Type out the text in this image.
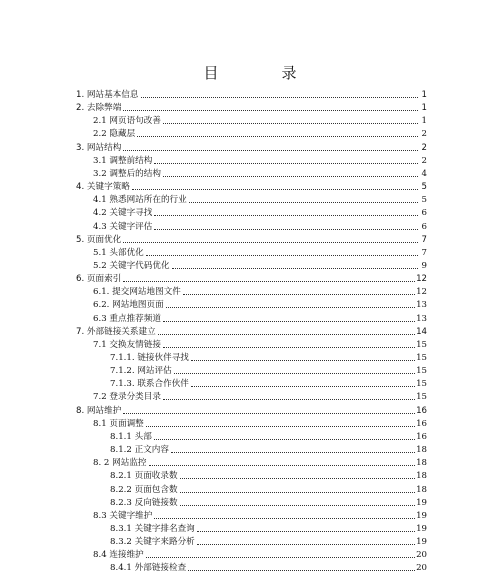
目　录
1. 网站基本信息	1
2. 去除弊端	1
2.1 网页语句改善	1
2.2 隐藏层	2
3. 网站结构	2
3.1 调整前结构	2
3.2 调整后的结构	4
4. 关键字策略	5
4.1 熟悉网站所在的行业	5
4.2 关键字寻找	6
4.3 关键字评估	6
5. 页面优化	7
5.1 头部优化	7
5.2 关键字代码优化	9
6. 页面索引	12
6.1. 提交网站地图文件	12
6.2. 网站地图页面	13
6.3 重点推荐频道	13
7. 外部链接关系建立	14
7.1 交换友情链接	15
7.1.1. 链接伙伴寻找	15
7.1.2. 网站评估	15
7.1.3. 联系合作伙伴	15
7.2 登录分类目录	15
8. 网站维护	16
8.1 页面调整	16
8.1.1 头部	16
8.1.2 正文内容	18
8. 2 网站监控	18
8.2.1 页面收录数	18
8.2.2 页面包含数	18
8.2.3 反向链接数	19
8.3 关键字维护	19
8.3.1 关键字排名查询	19
8.3.2 关键字来路分析	19
8.4 连接维护	20
8.4.1 外部链接检查	20
